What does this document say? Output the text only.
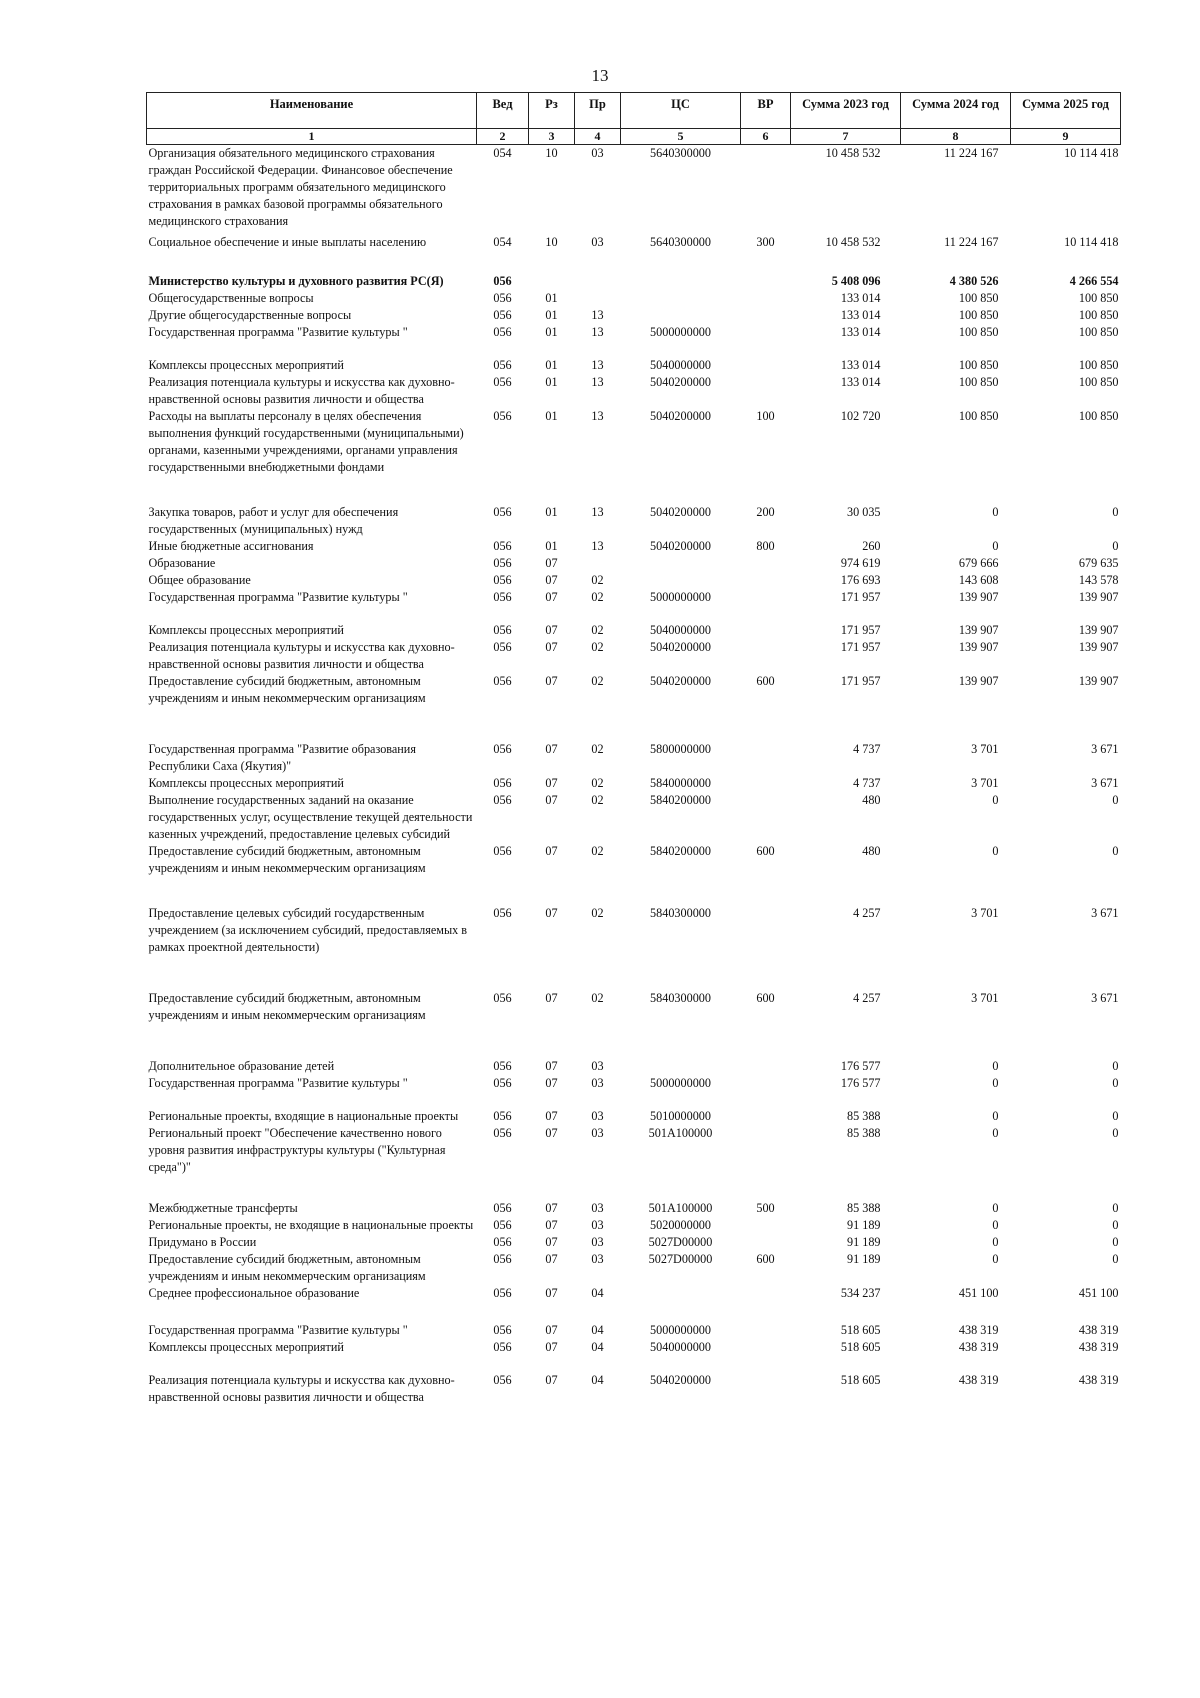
13
Наименование	Вед	Рз	Пр	ЦС	ВР	Сумма 2023 год	Сумма 2024 год	Сумма 2025 год
1	2	3	4	5	6	7	8	9
Организация обязательного медицинского страхования граждан Российской Федерации. Финансовое обеспечение территориальных программ обязательного медицинского страхования в рамках базовой программы обязательного медицинского страхования	054	10	03	5640300000		10 458 532	11 224 167	10 114 418
Социальное обеспечение и иные выплаты населению	054	10	03	5640300000	300	10 458 532	11 224 167	10 114 418
Министерство культуры и духовного развития РС(Я)	056					5 408 096	4 380 526	4 266 554
Общегосударственные вопросы	056	01				133 014	100 850	100 850
Другие общегосударственные вопросы	056	01	13			133 014	100 850	100 850
Государственная программа "Развитие культуры "	056	01	13	5000000000		133 014	100 850	100 850
Комплексы процессных мероприятий	056	01	13	5040000000		133 014	100 850	100 850
Реализация потенциала культуры и искусства как духовно-нравственной основы развития личности и общества	056	01	13	5040200000		133 014	100 850	100 850
Расходы на выплаты персоналу в целях обеспечения выполнения функций государственными (муниципальными) органами, казенными учреждениями, органами управления государственными внебюджетными фондами	056	01	13	5040200000	100	102 720	100 850	100 850
Закупка товаров, работ и услуг для обеспечения государственных (муниципальных) нужд	056	01	13	5040200000	200	30 035	0	0
Иные бюджетные ассигнования	056	01	13	5040200000	800	260	0	0
Образование	056	07				974 619	679 666	679 635
Общее образование	056	07	02			176 693	143 608	143 578
Государственная программа "Развитие культуры "	056	07	02	5000000000		171 957	139 907	139 907
Комплексы процессных мероприятий	056	07	02	5040000000		171 957	139 907	139 907
Реализация потенциала культуры и искусства как духовно-нравственной основы развития личности и общества	056	07	02	5040200000		171 957	139 907	139 907
Предоставление субсидий бюджетным, автономным учреждениям и иным некоммерческим организациям	056	07	02	5040200000	600	171 957	139 907	139 907
Государственная программа "Развитие образования Республики Саха (Якутия)"	056	07	02	5800000000		4 737	3 701	3 671
Комплексы процессных мероприятий	056	07	02	5840000000		4 737	3 701	3 671
Выполнение государственных заданий на оказание государственных услуг, осуществление текущей деятельности казенных учреждений, предоставление целевых субсидий	056	07	02	5840200000		480	0	0
Предоставление субсидий бюджетным, автономным учреждениям и иным некоммерческим организациям	056	07	02	5840200000	600	480	0	0
Предоставление целевых субсидий государственным учреждением (за исключением субсидий, предоставляемых в рамках проектной деятельности)	056	07	02	5840300000		4 257	3 701	3 671
Предоставление субсидий бюджетным, автономным учреждениям и иным некоммерческим организациям	056	07	02	5840300000	600	4 257	3 701	3 671
Дополнительное образование детей	056	07	03			176 577	0	0
Государственная программа "Развитие культуры "	056	07	03	5000000000		176 577	0	0
Региональные проекты, входящие в национальные проекты	056	07	03	5010000000		85 388	0	0
Региональный проект "Обеспечение качественно нового уровня развития инфраструктуры культуры ("Культурная среда")"	056	07	03	501A100000		85 388	0	0
Межбюджетные трансферты	056	07	03	501A100000	500	85 388	0	0
Региональные проекты, не входящие в национальные проекты	056	07	03	5020000000		91 189	0	0
Придумано в России	056	07	03	5027D00000		91 189	0	0
Предоставление субсидий бюджетным, автономным учреждениям и иным некоммерческим организациям	056	07	03	5027D00000	600	91 189	0	0
Среднее профессиональное образование	056	07	04			534 237	451 100	451 100
Государственная программа "Развитие культуры "	056	07	04	5000000000		518 605	438 319	438 319
Комплексы процессных мероприятий	056	07	04	5040000000		518 605	438 319	438 319
Реализация потенциала культуры и искусства как духовно-нравственной основы развития личности и общества	056	07	04	5040200000		518 605	438 319	438 319
